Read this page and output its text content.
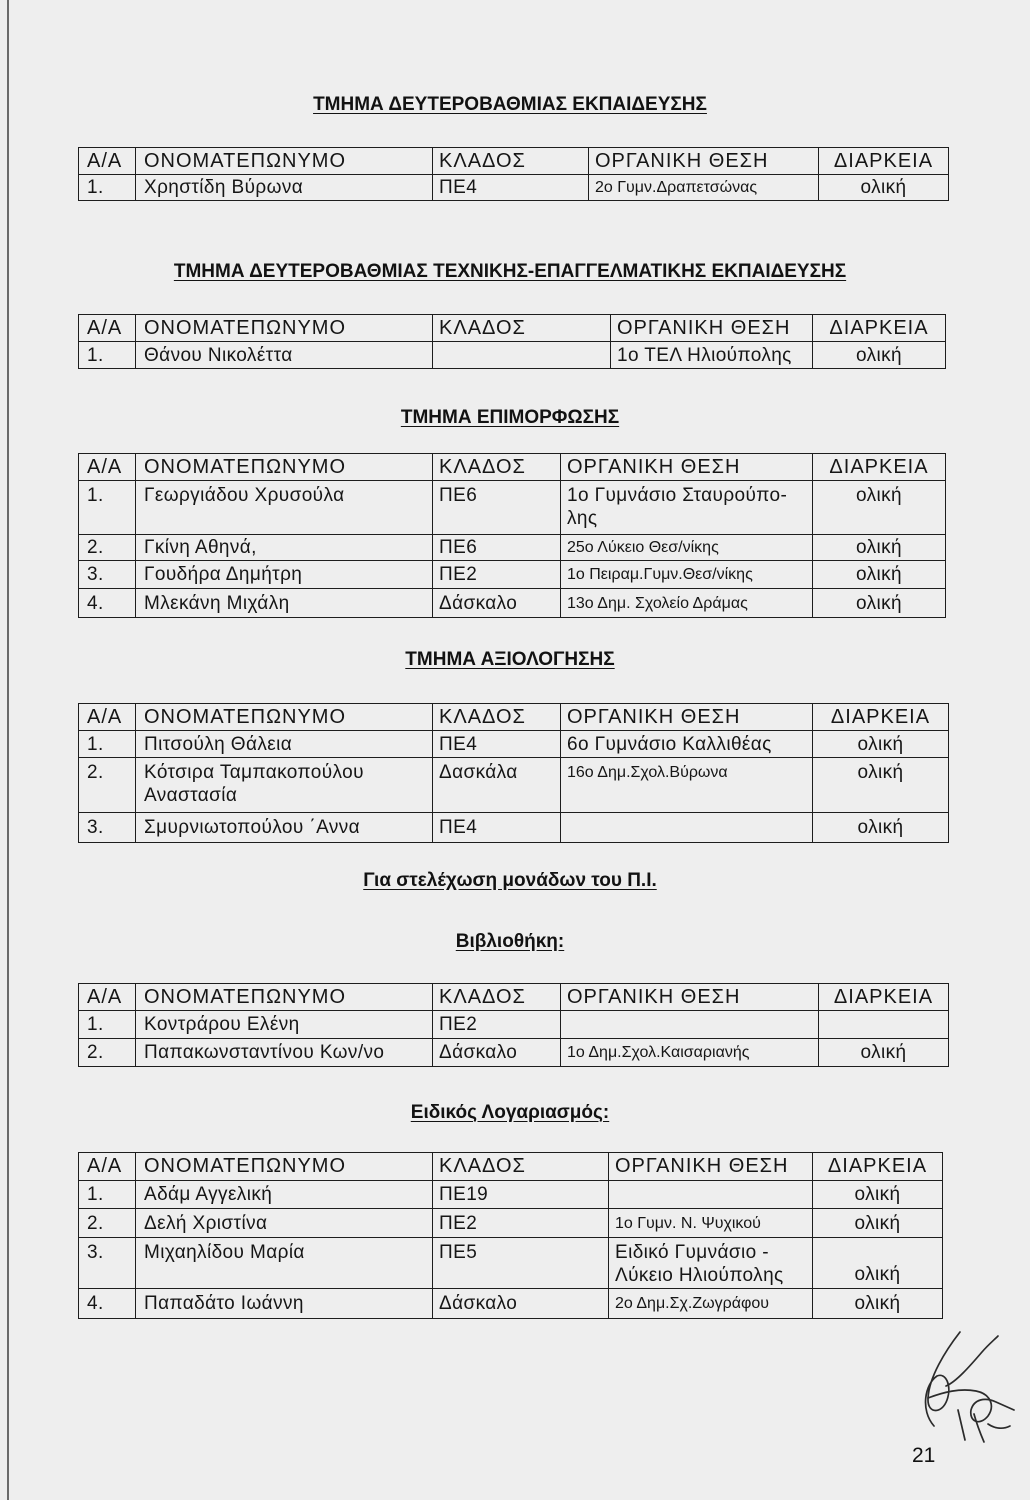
ΤΜΗΜΑ ΔΕΥΤΕΡΟΒΑΘΜΙΑΣ ΕΚΠΑΙΔΕΥΣΗΣ
Α/Α	ΟΝΟΜΑΤΕΠΩΝΥΜΟ	ΚΛΑΔΟΣ	ΟΡΓΑΝΙΚΗ ΘΕΣΗ	ΔΙΑΡΚΕΙΑ
1.	Χρηστίδη Βύρωνα	ΠΕ4	2ο Γυμν.Δραπετσώνας	ολική
ΤΜΗΜΑ ΔΕΥΤΕΡΟΒΑΘΜΙΑΣ ΤΕΧΝΙΚΗΣ-ΕΠΑΓΓΕΛΜΑΤΙΚΗΣ ΕΚΠΑΙΔΕΥΣΗΣ
Α/Α	ΟΝΟΜΑΤΕΠΩΝΥΜΟ	ΚΛΑΔΟΣ	ΟΡΓΑΝΙΚΗ ΘΕΣΗ	ΔΙΑΡΚΕΙΑ
1.	Θάνου Νικολέττα		1ο ΤΕΛ Ηλιούπολης	ολική
ΤΜΗΜΑ ΕΠΙΜΟΡΦΩΣΗΣ
Α/Α	ΟΝΟΜΑΤΕΠΩΝΥΜΟ	ΚΛΑΔΟΣ	ΟΡΓΑΝΙΚΗ ΘΕΣΗ	ΔΙΑΡΚΕΙΑ
1.	Γεωργιάδου Χρυσούλα	ΠΕ6	1ο Γυμνάσιο Σταυρούπο-
λης	ολική
2.	Γκίνη Αθηνά,	ΠΕ6	25ο Λύκειο Θεσ/νίκης	ολική
3.	Γουδήρα Δημήτρη	ΠΕ2	1ο Πειραμ.Γυμν.Θεσ/νίκης	ολική
4.	Μλεκάνη Μιχάλη	Δάσκαλο	13ο Δημ. Σχολείο Δράμας	ολική
ΤΜΗΜΑ ΑΞΙΟΛΟΓΗΣΗΣ
Α/Α	ΟΝΟΜΑΤΕΠΩΝΥΜΟ	ΚΛΑΔΟΣ	ΟΡΓΑΝΙΚΗ ΘΕΣΗ	ΔΙΑΡΚΕΙΑ
1.	Πιτσούλη Θάλεια	ΠΕ4	6ο Γυμνάσιο Καλλιθέας	ολική
2.	Κότσιρα Ταμπακοπούλου
Αναστασία	Δασκάλα	16ο Δημ.Σχολ.Βύρωνα	ολική
3.	Σμυρνιωτοπούλου ΄Αννα	ΠΕ4		ολική
Για στελέχωση μονάδων του Π.Ι.
Βιβλιοθήκη:
Α/Α	ΟΝΟΜΑΤΕΠΩΝΥΜΟ	ΚΛΑΔΟΣ	ΟΡΓΑΝΙΚΗ ΘΕΣΗ	ΔΙΑΡΚΕΙΑ
1.	Κοντράρου Ελένη	ΠΕ2		
2.	Παπακωνσταντίνου Κων/νο	Δάσκαλο	1ο Δημ.Σχολ.Καισαριανής	ολική
Ειδικός Λογαριασμός:
Α/Α	ΟΝΟΜΑΤΕΠΩΝΥΜΟ	ΚΛΑΔΟΣ	ΟΡΓΑΝΙΚΗ ΘΕΣΗ	ΔΙΑΡΚΕΙΑ
1.	Αδάμ Αγγελική	ΠΕ19		ολική
2.	Δελή Χριστίνα	ΠΕ2	1ο Γυμν. Ν. Ψυχικού	ολική
3.	Μιχαηλίδου Μαρία	ΠΕ5	Ειδικό Γυμνάσιο -
Λύκειο Ηλιούπολης	ολική
4.	Παπαδάτο Ιωάννη	Δάσκαλο	2ο Δημ.Σχ.Ζωγράφου	ολική
21
